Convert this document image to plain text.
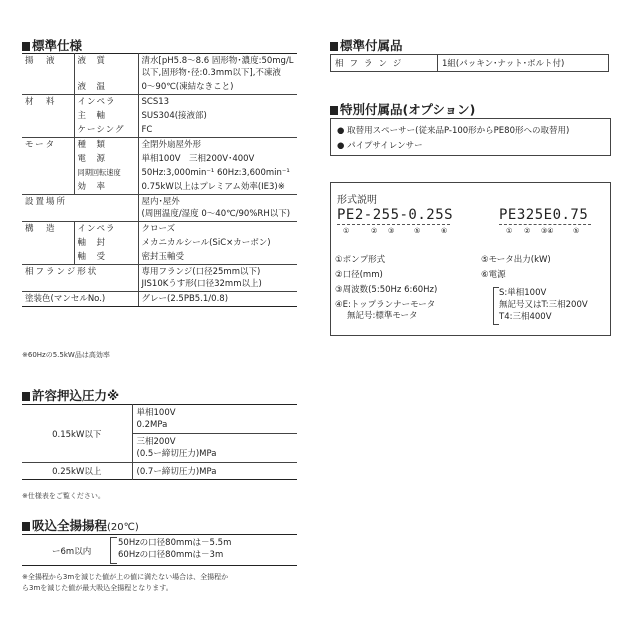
標準仕様
揚　液	液　質	清水[pH5.8～8.6 固形物･濃度:50mg/L
以下,固形物･径:0.3mm以下],不凍液

	液　温	0～90℃(凍結なきこと)
材　料	インペラ	SCS13
	主　軸	SUS304(接液部)
	ケーシング	FC
モータ	種　類	全閉外扇屋外形
	電　源	単相100V　三相200V･400V
	同期回転速度	50Hz:3,000min⁻¹ 60Hz:3,600min⁻¹
	効　率	0.75kW以上はプレミアム効率(IE3)※
設置場所		屋内･屋外
(周囲温度/湿度 0～40℃/90%RH以下)

構　造	インペラ	クローズ
	軸　封	メカニカルシール(SiC×カーボン)
	軸　受	密封玉軸受
相フランジ形状		専用フランジ(口径25mm以下)
JIS10Kうす形(口径32mm以上)

塗装色(マンセルNo.)		グレー(2.5PB5.1/0.8)
※60Hzの5.5kW品は高効率
許容押込圧力※
0.15kW以下	単相100V
0.2MPa

	三相200V
(0.5ー締切圧力)MPa

0.25kW以上	(0.7ー締切圧力)MPa
※仕様表をご覧ください。
吸込全揚揚程(20℃)
ー6m以内
50Hzの口径80mmは－5.5m
60Hzの口径80mmは－3m
※全揚程から3mを減じた値が上の値に満たない場合は、全揚程か
ら3mを減じた値が最大吸込全揚程となります。
標準付属品
相フランジ	1組(パッキン･ナット･ボルト付)
特別付属品(オプション)
● 取替用スペーサー(従来品P-100形からPE80形への取替用)
● パイプサイレンサー
形式説明
PE2-255-0.25S	PE325E0.75
①	② ③	⑤	⑥	① ② ③④	⑤
①ポンプ形式
②口径(mm)
③周波数(5:50Hz 6:60Hz)
④E:トップランナーモータ
無記号:標準モータ
⑤モータ出力(kW)
⑥電源
S:単相100V
無記号又はT:三相200V
T4:三相400V
